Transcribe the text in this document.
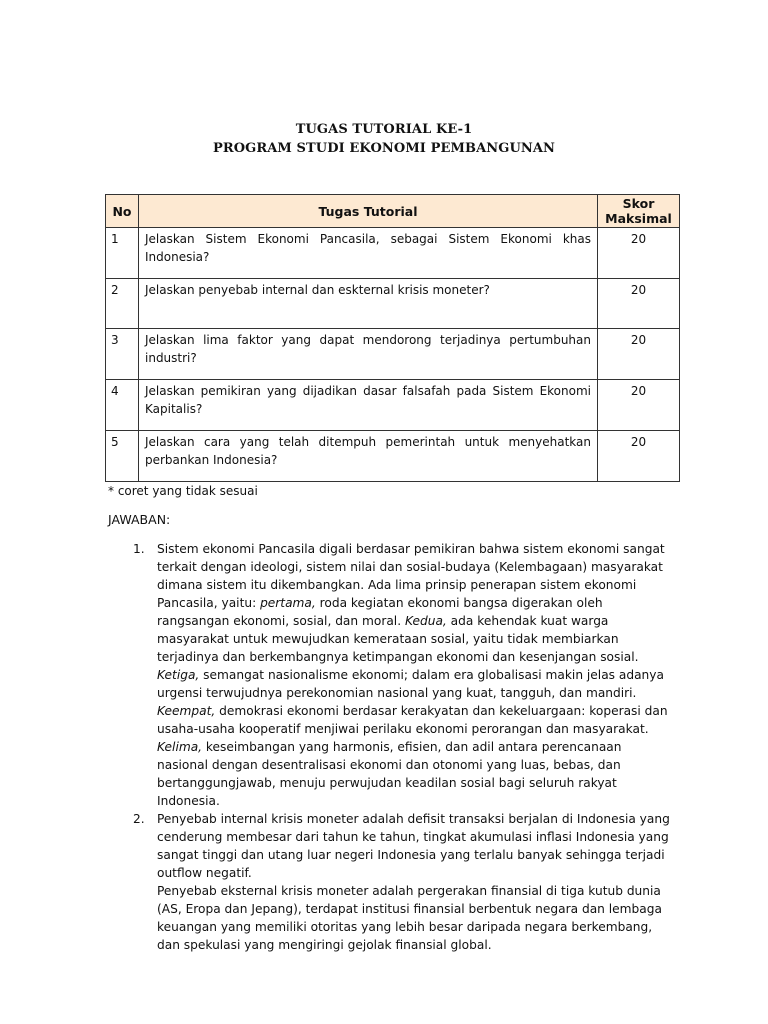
TUGAS TUTORIAL KE-1
PROGRAM STUDI EKONOMI PEMBANGUNAN
No	Tugas Tutorial	Skor
Maksimal

1	Jelaskan Sistem Ekonomi Pancasila, sebagai Sistem Ekonomi khas Indonesia?	20
2	Jelaskan penyebab internal dan eskternal krisis moneter?	20
3	Jelaskan lima faktor yang dapat mendorong terjadinya pertumbuhan industri?	20
4	Jelaskan pemikiran yang dijadikan dasar falsafah pada Sistem Ekonomi Kapitalis?	20
5	Jelaskan cara yang telah ditempuh pemerintah untuk menyehatkan perbankan Indonesia?	20
* coret yang tidak sesuai
JAWABAN:
1. Sistem ekonomi Pancasila digali berdasar pemikiran bahwa sistem ekonomi sangat
terkait dengan ideologi, sistem nilai dan sosial-budaya (Kelembagaan) masyarakat
dimana sistem itu dikembangkan. Ada lima prinsip penerapan sistem ekonomi
Pancasila, yaitu: pertama, roda kegiatan ekonomi bangsa digerakan oleh
rangsangan ekonomi, sosial, dan moral. Kedua, ada kehendak kuat warga
masyarakat untuk mewujudkan kemerataan sosial, yaitu tidak membiarkan
terjadinya dan berkembangnya ketimpangan ekonomi dan kesenjangan sosial.
Ketiga, semangat nasionalisme ekonomi; dalam era globalisasi makin jelas adanya
urgensi terwujudnya perekonomian nasional yang kuat, tangguh, dan mandiri.
Keempat, demokrasi ekonomi berdasar kerakyatan dan kekeluargaan: koperasi dan
usaha-usaha kooperatif menjiwai perilaku ekonomi perorangan dan masyarakat.
Kelima, keseimbangan yang harmonis, efisien, dan adil antara perencanaan
nasional dengan desentralisasi ekonomi dan otonomi yang luas, bebas, dan
bertanggungjawab, menuju perwujudan keadilan sosial bagi seluruh rakyat
Indonesia.
2. Penyebab internal krisis moneter adalah defisit transaksi berjalan di Indonesia yang
cenderung membesar dari tahun ke tahun, tingkat akumulasi inflasi Indonesia yang
sangat tinggi dan utang luar negeri Indonesia yang terlalu banyak sehingga terjadi
outflow negatif.
Penyebab eksternal krisis moneter adalah pergerakan finansial di tiga kutub dunia
(AS, Eropa dan Jepang), terdapat institusi finansial berbentuk negara dan lembaga
keuangan yang memiliki otoritas yang lebih besar daripada negara berkembang,
dan spekulasi yang mengiringi gejolak finansial global.
